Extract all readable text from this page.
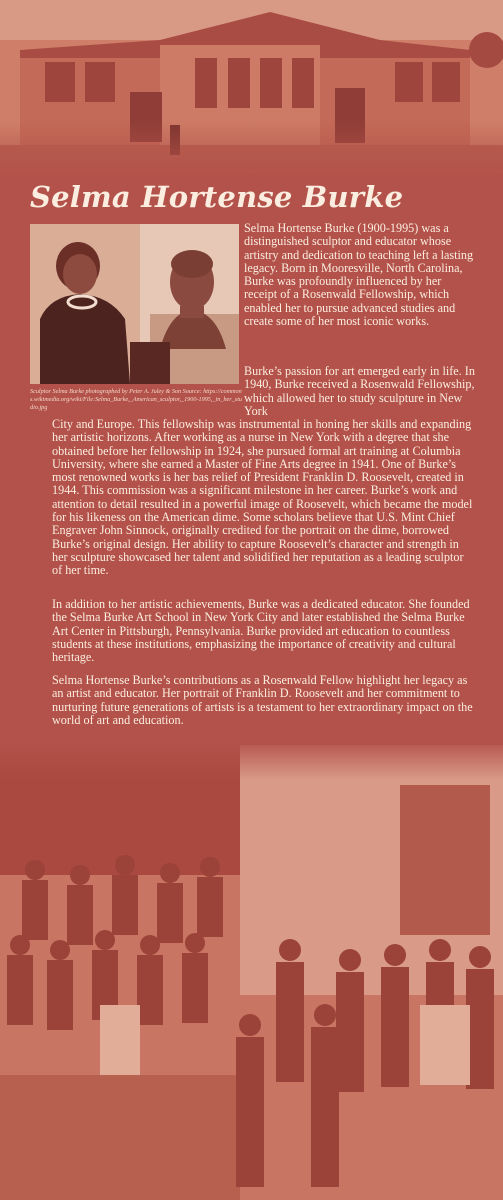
Selma Hortense Burke
Sculptor Selma Burke photographed by Peter A. Juley & Son Source: https://commons.wikimedia.org/wiki/File:Selma_Burke,_American_sculptor,_1900-1995,_in_her_studio.jpg

Selma Hortense Burke (1900-1995) was a distinguished sculptor and educator whose artistry and dedication to teaching left a lasting legacy. Born in Mooresville, North Carolina, Burke was profoundly influenced by her receipt of a Rosenwald Fellowship, which enabled her to pursue advanced studies and create some of her most iconic works.

Burke’s passion for art emerged early in life. In 1940, Burke received a Rosenwald Fellowship, which allowed her to study sculpture in New York

City and Europe. This fellowship was instrumental in honing her skills and expanding her artistic horizons. After working as a nurse in New York with a degree that she obtained before her fellowship in 1924, she pursued formal art training at Columbia University, where she earned a Master of Fine Arts degree in 1941. One of Burke’s most renowned works is her bas relief of President Franklin D. Roosevelt, created in 1944. This commission was a significant milestone in her career. Burke’s work and attention to detail resulted in a powerful image of Roosevelt, which became the model for his likeness on the American dime. Some scholars believe that U.S. Mint Chief Engraver John Sinnock, originally credited for the portrait on the dime, borrowed Burke’s original design. Her ability to capture Roosevelt’s character and strength in her sculpture showcased her talent and solidified her reputation as a leading sculptor of her time.

In addition to her artistic achievements, Burke was a dedicated educator. She founded the Selma Burke Art School in New York City and later established the Selma Burke Art Center in Pittsburgh, Pennsylvania. Burke provided art education to countless students at these institutions, emphasizing the importance of creativity and cultural heritage.

Selma Hortense Burke’s contributions as a Rosenwald Fellow highlight her legacy as an artist and educator. Her portrait of Franklin D. Roosevelt and her commitment to nurturing future generations of artists is a testament to her extraordinary impact on the world of art and education.
